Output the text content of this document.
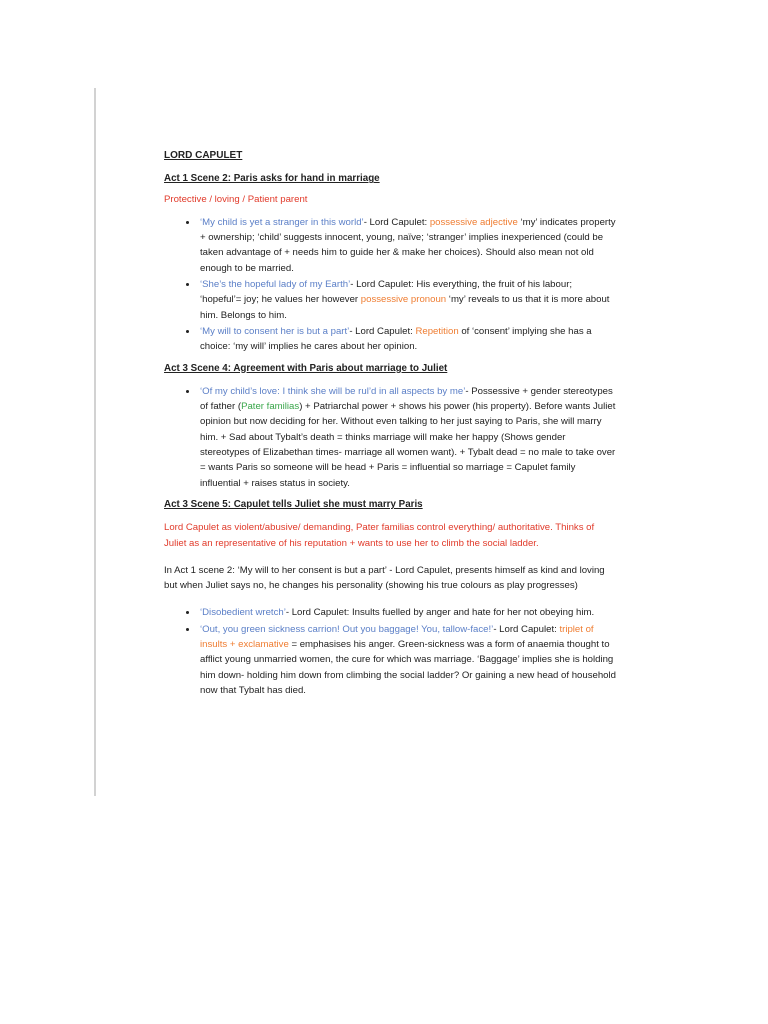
LORD CAPULET

Act 1 Scene 2: Paris asks for hand in marriage

Protective / loving / Patient parent

• ‘My child is yet a stranger in this world’- Lord Capulet: possessive adjective ‘my’ indicates property + ownership; ‘child’ suggests innocent, young, naïve; ‘stranger’ implies inexperienced (could be taken advantage of + needs him to guide her & make her choices). Should also mean not old enough to be married.
• ‘She’s the hopeful lady of my Earth’- Lord Capulet: His everything, the fruit of his labour; ‘hopeful’= joy; he values her however possessive pronoun ‘my’ reveals to us that it is more about him. Belongs to him.
• ‘My will to consent her is but a part’- Lord Capulet: Repetition of ‘consent’ implying she has a choice: ‘my will’ implies he cares about her opinion.

Act 3 Scene 4: Agreement with Paris about marriage to Juliet

• ‘Of my child’s love: I think she will be rul’d in all aspects by me’- Possessive + gender stereotypes of father (Pater familias) + Patriarchal power + shows his power (his property). Before wants Juliet opinion but now deciding for her. Without even talking to her just saying to Paris, she will marry him. + Sad about Tybalt’s death = thinks marriage will make her happy (Shows gender stereotypes of Elizabethan times- marriage all women want). + Tybalt dead = no male to take over = wants Paris so someone will be head + Paris = influential so marriage = Capulet family influential + raises status in society.

Act 3 Scene 5: Capulet tells Juliet she must marry Paris

Lord Capulet as violent/abusive/ demanding, Pater familias control everything/ authoritative. Thinks of Juliet as an representative of his reputation + wants to use her to climb the social ladder.

In Act 1 scene 2: ‘My will to her consent is but a part’ - Lord Capulet, presents himself as kind and loving but when Juliet says no, he changes his personality (showing his true colours as play progresses)

• ‘Disobedient wretch’- Lord Capulet: Insults fuelled by anger and hate for her not obeying him.
• ‘Out, you green sickness carrion! Out you baggage! You, tallow-face!’- Lord Capulet: triplet of insults + exclamative = emphasises his anger. Green-sickness was a form of anaemia thought to afflict young unmarried women, the cure for which was marriage. ‘Baggage’ implies she is holding him down- holding him down from climbing the social ladder? Or gaining a new head of household now that Tybalt has died.
